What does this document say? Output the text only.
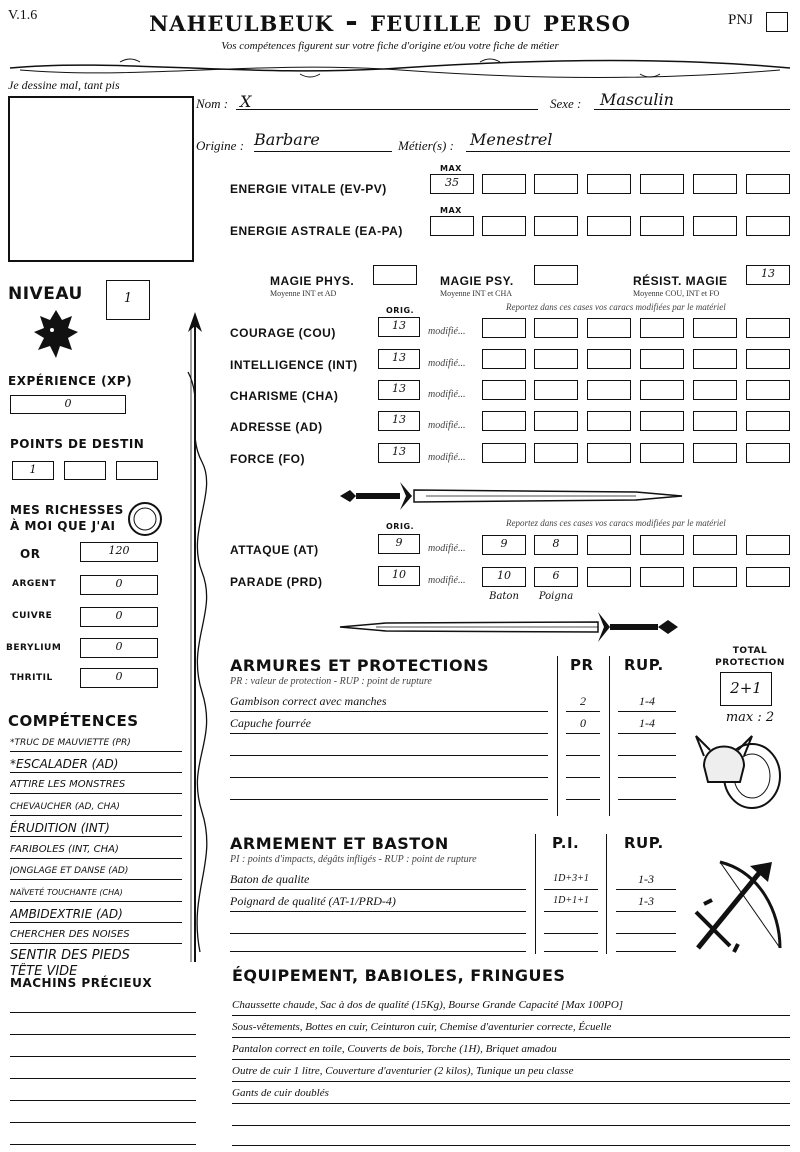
V.1.6	naheulbeuk - feuille du perso
Vos compétences figurent sur votre fiche d'origine et/ou votre fiche de métier
PNJ
Je dessine mal, tant pis
Nom : X	Sexe :	Masculin
Origine : Barbare	Métier(s) : Menestrel
MAX
ENERGIE VITALE (EV-PV)	35
MAX
ENERGIE ASTRALE (EA-PA)
MAGIE PHYS.
Moyenne INT et AD
MAGIE PSY.
Moyenne INT et CHA
RÉSIST. MAGIE
Moyenne COU, INT et FO
13
NIVEAU	1
EXPÉRIENCE (XP)
0
POINTS DE DESTIN
1
MES RICHESSES
À MOI QUE J'AI
OR	120
ARGENT	0
CUIVRE	0
BERYLIUM	0
THRITIL	0
ORIG.	Reportez dans ces cases vos caracs modifiées par le matériel
COURAGE (COU)
13	modifié...
INTELLIGENCE (INT)
13	modifié...
CHARISME (CHA)
13	modifié...
ADRESSE (AD)
13	modifié...
FORCE (FO)
13	modifié...
ORIG.	Reportez dans ces cases vos caracs modifiées par le matériel
ATTAQUE (AT)
9	modifié...	9	8
PARADE (PRD)
10	modifié...	10	6
Baton	Poigna
ARMURES ET PROTECTIONS	PR RUP.
PR : valeur de protection - RUP : point de rupture
Gambison correct avec manches	2	1-4
Capuche fourrée	0	1-4
TOTAL
PROTECTION
2+1
max : 2
ARMEMENT ET BASTON	P.I.	RUP.
PI : points d'impacts, dégâts infligés - RUP : point de rupture
Baton de qualite	1D+3+1	1-3
Poignard de qualité (AT-1/PRD-4)	1D+1+1	1-3
COMPÉTENCES
*TRUC DE MAUVIETTE (PR)
*ESCALADER (AD)
ATTIRE LES MONSTRES
CHEVAUCHER (AD, CHA)
ÉRUDITION (INT)
FARIBOLES (INT, CHA)
JONGLAGE ET DANSE (AD)
NAÏVETÉ TOUCHANTE (CHA)
AMBIDEXTRIE (AD)
CHERCHER DES NOISES
SENTIR DES PIEDS
TÊTE VIDE
MACHINS PRÉCIEUX	ÉQUIPEMENT, BABIOLES, FRINGUES
Chaussette chaude, Sac à dos de qualité (15Kg), Bourse Grande Capacité [Max 100PO]
Sous-vêtements, Bottes en cuir, Ceinturon cuir, Chemise d'aventurier correcte, Écuelle
Pantalon correct en toile, Couverts de bois, Torche (1H), Briquet amadou
Outre de cuir 1 litre, Couverture d'aventurier (2 kilos), Tunique un peu classe
Gants de cuir doublés
